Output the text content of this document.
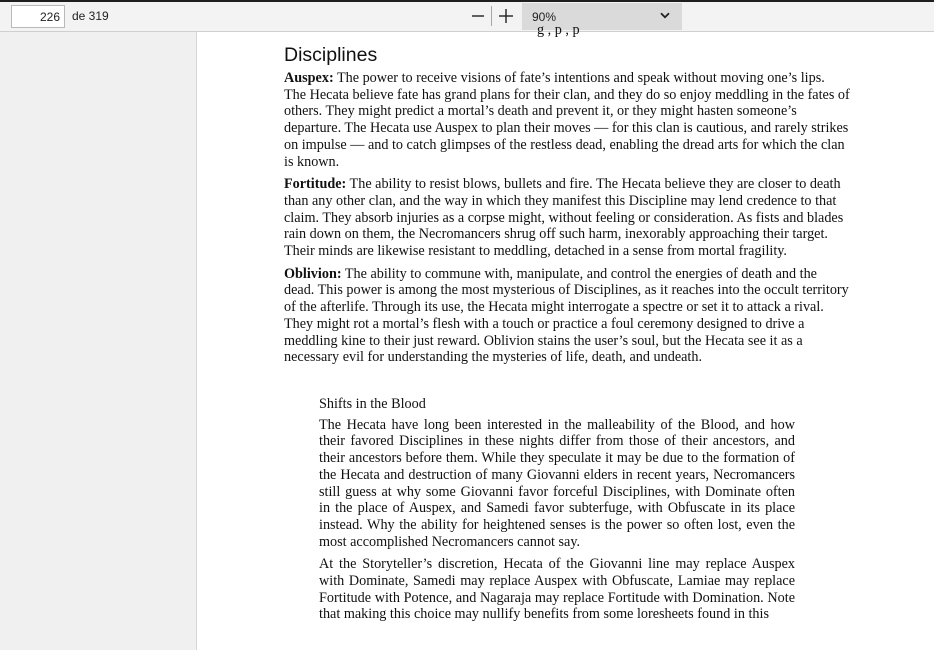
226
de 319	90%
g , p , p
Disciplines

Auspex: The power to receive visions of fate’s intentions and speak without moving one’s lips. The Hecata believe fate has grand plans for their clan, and they do so enjoy meddling in the fates of others. They might predict a mortal’s death and prevent it, or they might hasten someone’s departure. The Hecata use Auspex to plan their moves — for this clan is cautious, and rarely strikes on impulse — and to catch glimpses of the restless dead, enabling the dread arts for which the clan is known.

Fortitude: The ability to resist blows, bullets and fire. The Hecata believe they are closer to death than any other clan, and the way in which they manifest this Discipline may lend credence to that claim. They absorb injuries as a corpse might, without feeling or consideration. As fists and blades rain down on them, the Necromancers shrug off such harm, inexorably approaching their target. Their minds are likewise resistant to meddling, detached in a sense from mortal fragility.

Oblivion: The ability to commune with, manipulate, and control the energies of death and the dead. This power is among the most mysterious of Disciplines, as it reaches into the occult territory of the afterlife. Through its use, the Hecata might interrogate a spectre or set it to attack a rival. They might rot a mortal’s flesh with a touch or practice a foul ceremony designed to drive a meddling kine to their just reward. Oblivion stains the user’s soul, but the Hecata see it as a necessary evil for understanding the mysteries of life, death, and undeath.

Shifts in the Blood

The Hecata have long been interested in the malleability of the Blood, and how their favored Disciplines in these nights differ from those of their ancestors, and their ancestors before them. While they speculate it may be due to the formation of the Hecata and destruction of many Giovanni elders in recent years, Necromancers still guess at why some Giovanni favor forceful Disciplines, with Dominate often in the place of Auspex, and Samedi favor subterfuge, with Obfuscate in its place instead. Why the ability for heightened senses is the power so often lost, even the most accomplished Necromancers cannot say.

At the Storyteller’s discretion, Hecata of the Giovanni line may replace Auspex with Dominate, Samedi may replace Auspex with Obfuscate, Lamiae may replace Fortitude with Potence, and Nagaraja may replace Fortitude with Domination. Note that making this choice may nullify benefits from some loresheets found in this
